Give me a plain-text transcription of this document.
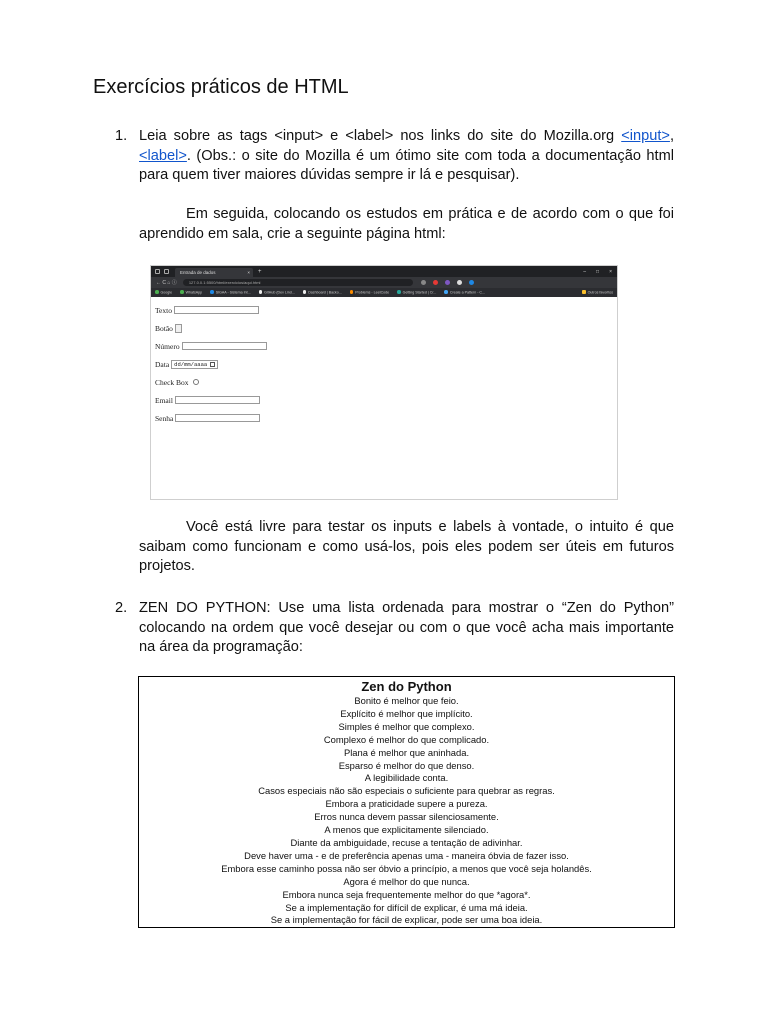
Exercícios práticos de HTML
1. Leia sobre as tags <input> e <label> nos links do site do Mozilla.org <input>, <label>. (Obs.: o site do Mozilla é um ótimo site com toda a documentação html para quem tiver maiores dúvidas sempre ir lá e pesquisar).

Em seguida, colocando os estudos em prática e de acordo com o que foi aprendido em sala, crie a seguinte página html:

Entrada de dados	× +	– □ ×
← C ⌂ ⓘ	127.0.0.1:5500/html/exercicios/aqui.html
Google	WhatsApp	SIGAA - Sistema Int...	GitHub (Dev Lind...	Dashboard | Backo...	Problems - LeetCode	Getting Started | Cr...	Create a Pattern - C...	Outros favoritos
Texto
Botão
Número
Data dd/mm/aaaa
Check Box
Email
Senha

Você está livre para testar os inputs e labels à vontade, o intuito é que saibam como funcionam e como usá-los, pois eles podem ser úteis em futuros projetos.

2. ZEN DO PYTHON: Use uma lista ordenada para mostrar o “Zen do Python” colocando na ordem que você desejar ou com o que você acha mais importante na área da programação:

Zen do Python
Bonito é melhor que feio.
Explícito é melhor que implícito.
Simples é melhor que complexo.
Complexo é melhor do que complicado.
Plana é melhor que aninhada.
Esparso é melhor do que denso.
A legibilidade conta.
Casos especiais não são especiais o suficiente para quebrar as regras.
Embora a praticidade supere a pureza.
Erros nunca devem passar silenciosamente.
A menos que explicitamente silenciado.
Diante da ambiguidade, recuse a tentação de adivinhar.
Deve haver uma - e de preferência apenas uma - maneira óbvia de fazer isso.
Embora esse caminho possa não ser óbvio a princípio, a menos que você seja holandês.
Agora é melhor do que nunca.
Embora nunca seja frequentemente melhor do que *agora*.
Se a implementação for difícil de explicar, é uma má ideia.
Se a implementação for fácil de explicar, pode ser uma boa ideia.
